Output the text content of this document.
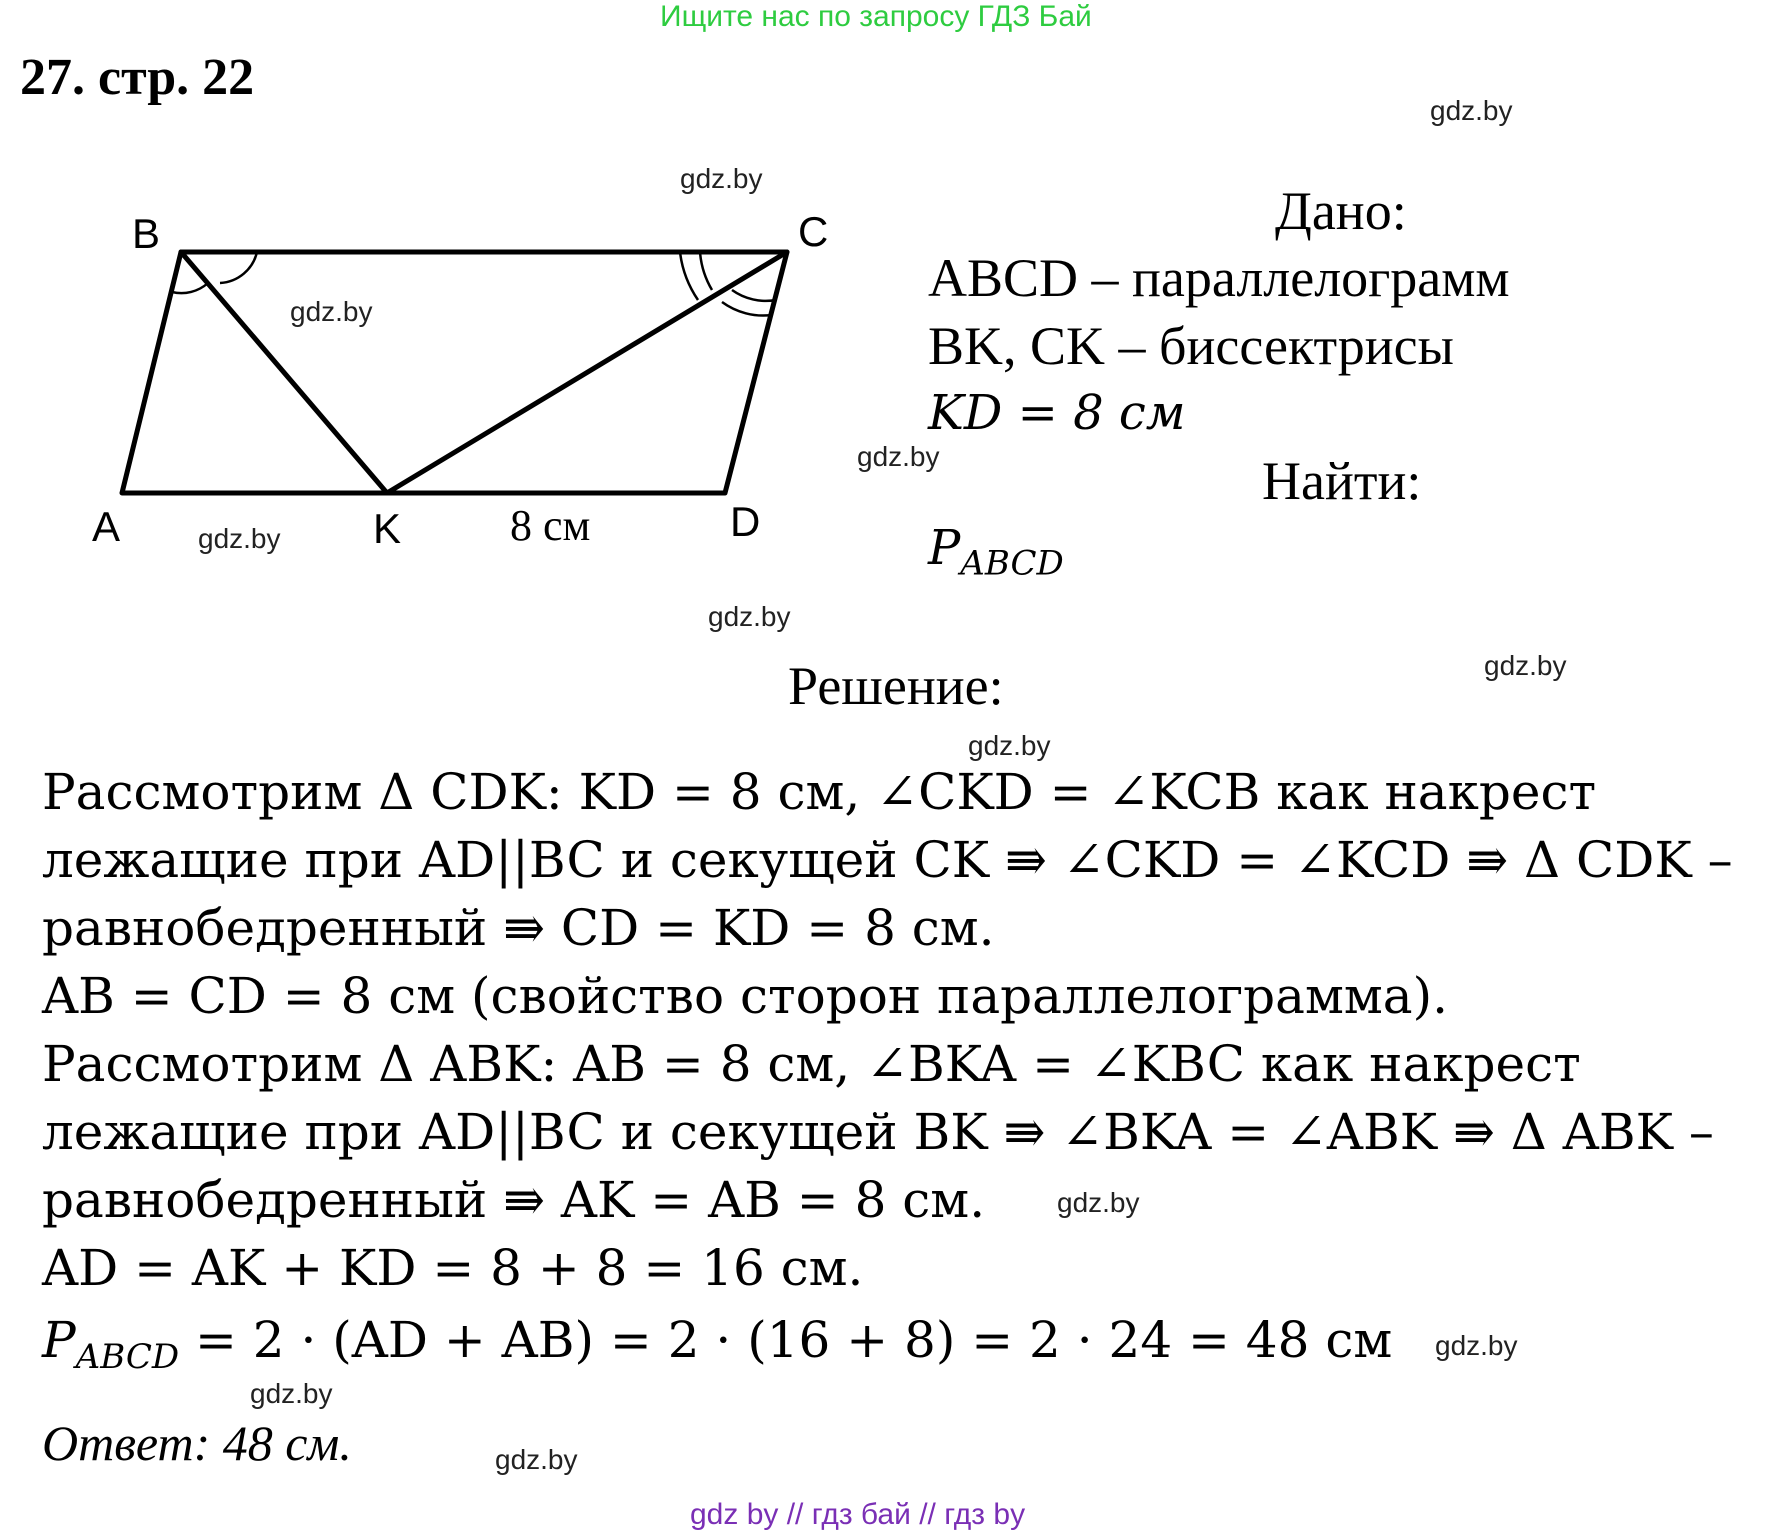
Ищите нас по запросу ГДЗ Бай
27. стр. 22
B	C
A	K	D
8 см
Дано:
ABCD – параллелограмм
BK, CK – биссектрисы
KD = 8 см
Найти:
$P_{ABCD}$
Решение:
Рассмотрим Δ CDK: KD = 8 см, ∠CKD = ∠KCB как накрест
лежащие при AD||BC и секущей CK ⇛ ∠CKD = ∠KCD ⇛ Δ CDK –
равнобедренный ⇛ CD = KD = 8 см.
AB = CD = 8 см (свойство сторон параллелограмма).
Рассмотрим Δ ABK: AB = 8 см, ∠BKA = ∠KBC как накрест
лежащие при AD||BC и секущей BK ⇛ ∠BKA = ∠ABK ⇛ Δ ABK –
равнобедренный ⇛ AK = AB = 8 см.
AD = AK + KD = 8 + 8 = 16 см.
$P_{ABCD} = 2 \cdot (AD + AB) = 2 \cdot (16 + 8) = 2 \cdot 24 = 48$ см
Ответ: 48 см.
gdz.by
gdz.by
gdz.by
gdz.by
gdz.by
gdz.by
gdz.by
gdz.by
gdz.by
gdz.by
gdz.by
gdz.by
gdz by // гдз бай // гдз by
